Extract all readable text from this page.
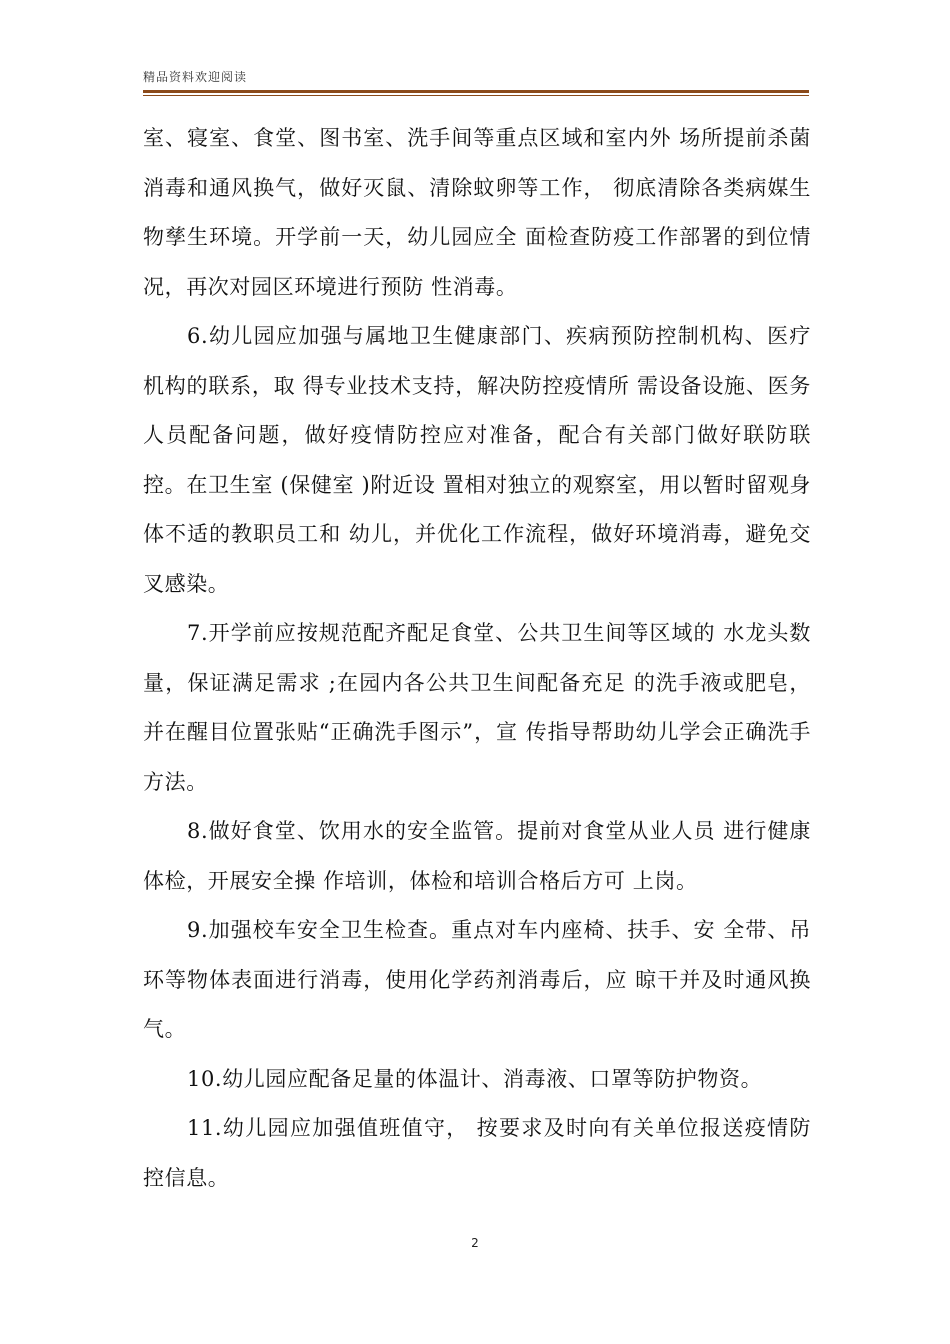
精品资料欢迎阅读

室、寝室、食堂、图书室、洗手间等重点区域和室内外 场所提前杀菌消毒和通风换气，做好灭鼠、清除蚊卵等工作， 彻底清除各类病媒生物孳生环境。开学前一天，幼儿园应全 面检查防疫工作部署的到位情况，再次对园区环境进行预防 性消毒。

6.幼儿园应加强与属地卫生健康部门、疾病预防控制机构、医疗机构的联系，取 得专业技术支持，解决防控疫情所 需设备设施、医务人员配备问题，做好疫情防控应对准备，配合有关部门做好联防联控。在卫生室 (保健室 )附近设 置相对独立的观察室，用以暂时留观身体不适的教职员工和 幼儿，并优化工作流程，做好环境消毒，避免交叉感染。

7.开学前应按规范配齐配足食堂、公共卫生间等区域的 水龙头数量，保证满足需求 ;在园内各公共卫生间配备充足 的洗手液或肥皂，并在醒目位置张贴“正确洗手图示”，宣 传指导帮助幼儿学会正确洗手方法。

8.做好食堂、饮用水的安全监管。提前对食堂从业人员 进行健康体检，开展安全操 作培训，体检和培训合格后方可 上岗。

9.加强校车安全卫生检查。重点对车内座椅、扶手、安 全带、吊环等物体表面进行消毒，使用化学药剂消毒后，应 晾干并及时通风换气。

10.幼儿园应配备足量的体温计、消毒液、口罩等防护物资。

11.幼儿园应加强值班值守， 按要求及时向有关单位报送疫情防控信息。

2
